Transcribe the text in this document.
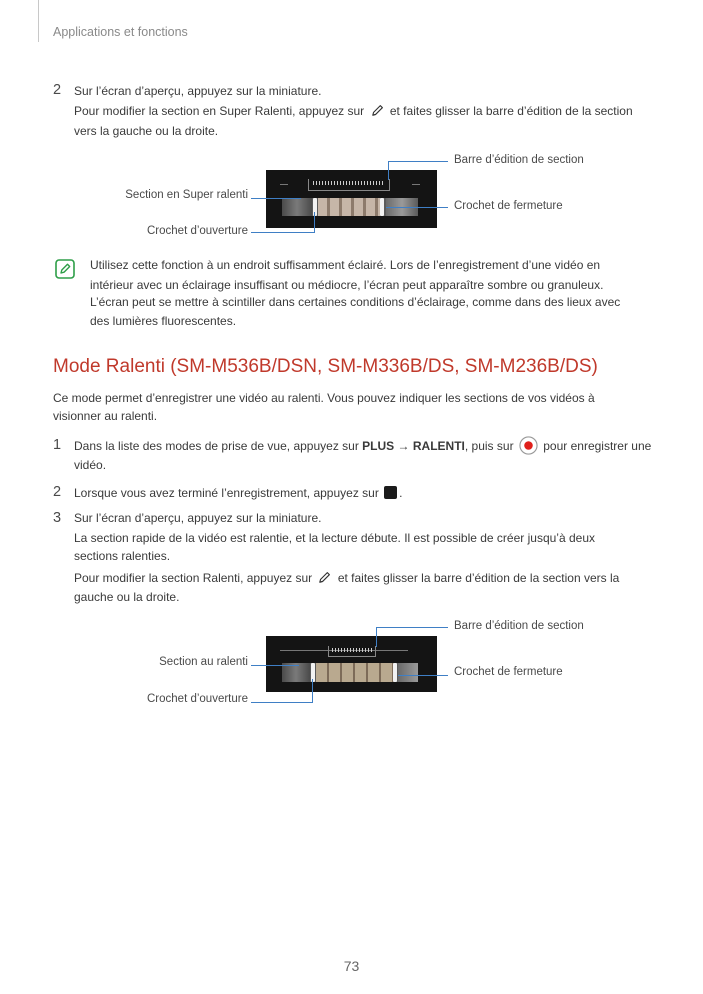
Applications et fonctions
2 Sur l’écran d’aperçu, appuyez sur la miniature.
Pour modifier la section en Super Ralenti, appuyez sur et faites glisser la barre d’édition de la section
vers la gauche ou la droite.
Barre d’édition de section
Section en Super ralenti
Crochet de fermeture
Crochet d’ouverture
Utilisez cette fonction à un endroit suffisamment éclairé. Lors de l’enregistrement d’une vidéo en
intérieur avec un éclairage insuffisant ou médiocre, l’écran peut apparaître sombre ou granuleux.
L’écran peut se mettre à scintiller dans certaines conditions d’éclairage, comme dans des lieux avec
des lumières fluorescentes.
Mode Ralenti (SM-M536B/DSN, SM-M336B/DS, SM-M236B/DS)
Ce mode permet d’enregistrer une vidéo au ralenti. Vous pouvez indiquer les sections de vos vidéos à
visionner au ralenti.
1 Dans la liste des modes de prise de vue, appuyez sur PLUS → RALENTI, puis sur pour enregistrer une
vidéo.
2 Lorsque vous avez terminé l’enregistrement, appuyez sur .
3 Sur l’écran d’aperçu, appuyez sur la miniature.
La section rapide de la vidéo est ralentie, et la lecture débute. Il est possible de créer jusqu’à deux
sections ralenties.
Pour modifier la section Ralenti, appuyez sur et faites glisser la barre d’édition de la section vers la
gauche ou la droite.
Barre d’édition de section
Section au ralenti
Crochet de fermeture
Crochet d’ouverture
73
